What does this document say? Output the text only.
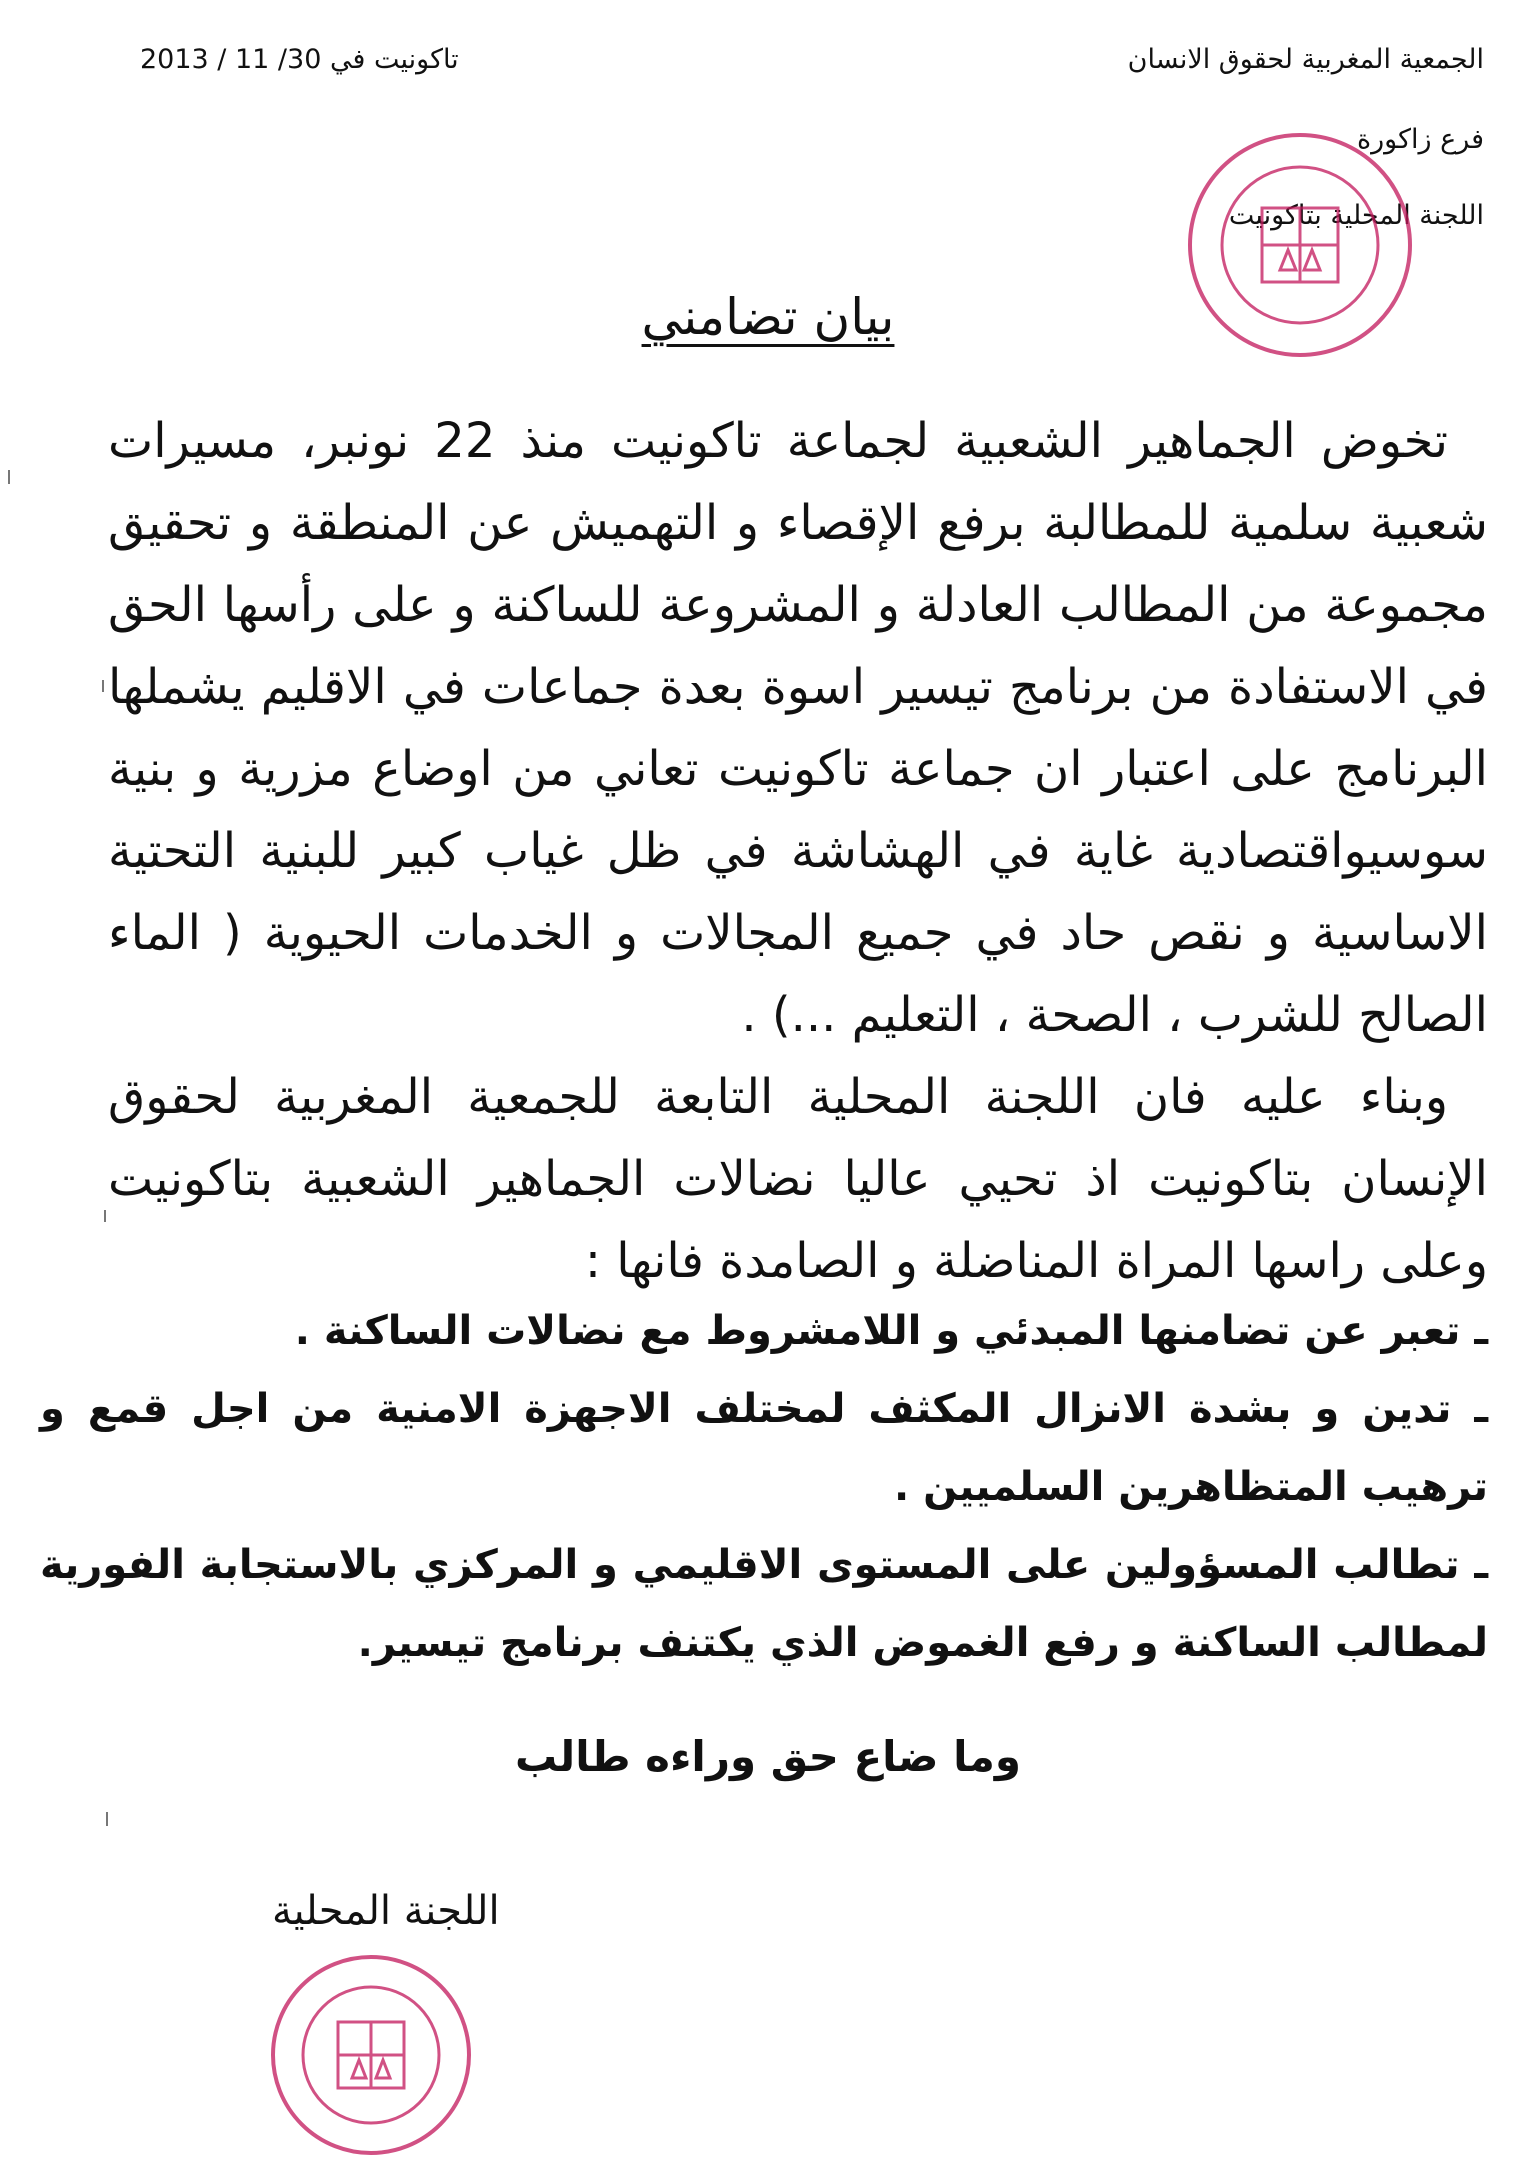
الجمعية المغربية لحقوق الانسان
تاكونيت في 30/ 11 / 2013
فرع زاكورة
اللجنة المحلية بتاكونيت
بيان تضامني

تخوض الجماهير الشعبية لجماعة تاكونيت منذ 22 نونبر، مسيرات شعبية سلمية للمطالبة برفع الإقصاء و التهميش عن المنطقة و تحقيق مجموعة من المطالب العادلة و المشروعة للساكنة و على رأسها الحق في الاستفادة من برنامج تيسير اسوة بعدة جماعات في الاقليم يشملها البرنامج على اعتبار ان جماعة تاكونيت تعاني من اوضاع مزرية و بنية سوسيواقتصادية غاية في الهشاشة في ظل غياب كبير للبنية التحتية الاساسية و نقص حاد في جميع المجالات و الخدمات الحيوية ( الماء الصالح للشرب ، الصحة ، التعليم ...) .

وبناء عليه فان اللجنة المحلية التابعة للجمعية المغربية لحقوق الإنسان بتاكونيت اذ تحيي عاليا نضالات الجماهير الشعبية بتاكونيت وعلى راسها المراة المناضلة و الصامدة فانها :

ـ تعبر عن تضامنها المبدئي و اللامشروط مع نضالات الساكنة .

ـ تدين و بشدة الانزال المكثف لمختلف الاجهزة الامنية من اجل قمع و ترهيب المتظاهرين السلميين .

ـ تطالب المسؤولين على المستوى الاقليمي و المركزي بالاستجابة الفورية لمطالب الساكنة و رفع الغموض الذي يكتنف برنامج تيسير.

وما ضاع حق وراءه طالب
اللجنة المحلية
